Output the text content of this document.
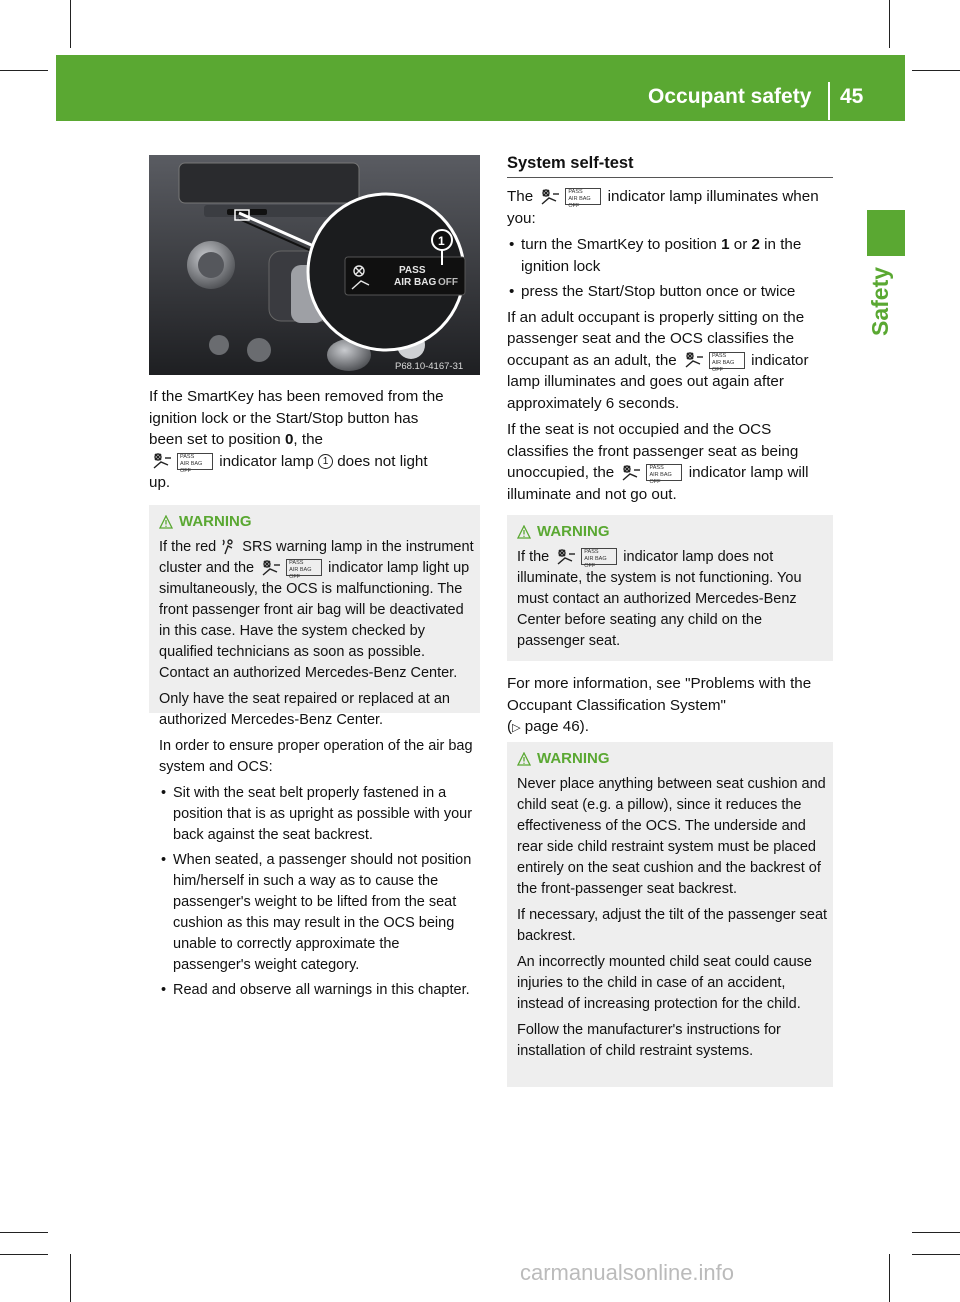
Occupant safety 45
Safety
PASS
AIR BAG OFF
1
P68.10-4167-31
If the SmartKey has been removed from the
ignition lock or the Start/Stop button has
been set to position 0, the
PASS
AIR BAG OFF indicator lamp 1 does not light
up.
WARNING
If the red  SRS warning lamp in the instrument cluster and the	PASS
AIR BAG OFF indicator lamp light up simultaneously, the OCS is malfunctioning. The front passenger front air bag will be deactivated in this case. Have the system checked by qualified technicians as soon as possible. Contact an authorized Mercedes-Benz Center.
Only have the seat repaired or replaced at an authorized Mercedes-Benz Center.
In order to ensure proper operation of the air bag system and OCS:
• Sit with the seat belt properly fastened in a position that is as upright as possible with your back against the seat backrest.
• When seated, a passenger should not position him/herself in such a way as to cause the passenger's weight to be lifted from the seat cushion as this may result in the OCS being unable to correctly approximate the passenger's weight category.
• Read and observe all warnings in this chapter.
System self-test
The	PASS
AIR BAG OFF indicator lamp illuminates when you:
• turn the SmartKey to position 1 or 2 in the ignition lock
• press the Start/Stop button once or twice
If an adult occupant is properly sitting on the passenger seat and the OCS classifies the occupant as an adult, the	PASS
AIR BAG OFF indicator lamp illuminates and goes out again after approximately 6 seconds.
If the seat is not occupied and the OCS classifies the front passenger seat as being unoccupied, the	PASS
AIR BAG OFF indicator lamp will illuminate and not go out.
WARNING
If the	PASS
AIR BAG OFF indicator lamp does not illuminate, the system is not functioning. You must contact an authorized Mercedes-Benz Center before seating any child on the passenger seat.
For more information, see "Problems with the Occupant Classification System"
(▷ page 46).
WARNING
Never place anything between seat cushion and child seat (e.g. a pillow), since it reduces the effectiveness of the OCS. The underside and rear side child restraint system must be placed entirely on the seat cushion and the backrest of the front-passenger seat backrest.
If necessary, adjust the tilt of the passenger seat backrest.
An incorrectly mounted child seat could cause injuries to the child in case of an accident, instead of increasing protection for the child.
Follow the manufacturer's instructions for installation of child restraint systems.
carmanualsonline.info
